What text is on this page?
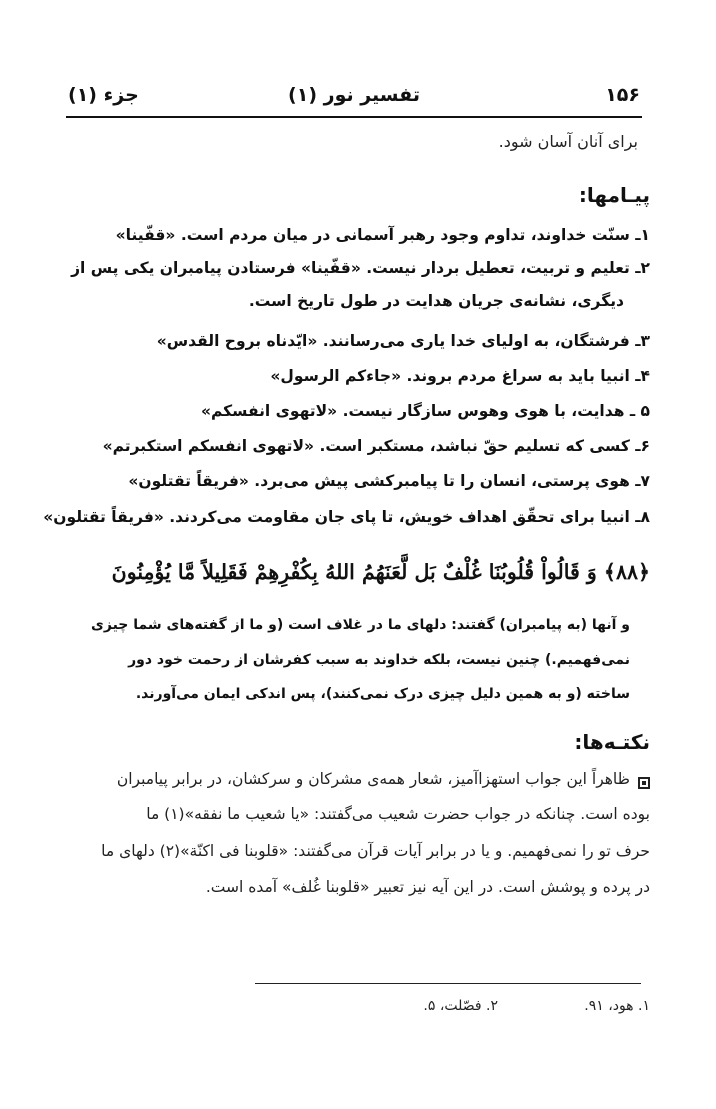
۱۵۶
تفسیر نور (۱)
جزء (۱)
برای آنان آسان شود.
پیـامها:
۱ـ سنّت خداوند، تداوم وجود رهبر آسمانی در میان مردم است. «قفّینا»
۲ـ تعلیم و تربیت، تعطیل بردار نیست. «قفّینا» فرستادن پیامبران یکی پس از
دیگری، نشانه‌ی جریان هدایت در طول تاریخ است.
۳ـ فرشتگان، به اولیای خدا یاری می‌رسانند. «ایّدناه بروح القدس»
۴ـ انبیا باید به سراغ مردم بروند. «جاءکم الرسول»
۵ ـ هدایت، با هوی وهوس سازگار نیست. «لاتهوی انفسکم»
۶ـ کسی که تسلیم حقّ نباشد، مستکبر است. «لاتهوی انفسکم استکبرتم»
۷ـ هوی پرستی، انسان را تا پیامبرکشی پیش می‌برد. «فریقاً تقتلون»
۸ـ انبیا برای تحقّق اهداف خویش، تا پای جان مقاومت می‌کردند. «فریقاً تقتلون»
﴿۸۸﴾ وَ قَالُواْ قُلُوبُنَا غُلْفٌ بَل لَّعَنَهُمُ اللهُ بِكُفْرِهِمْ فَقَلِيلاً مَّا يُؤْمِنُونَ
و آنها (به پیامبران) گفتند: دلهای ما در غلاف است (و ما از گفته‌های شما چیزی
نمی‌فهمیم.) چنین نیست، بلکه خداوند به سبب کفرشان از رحمت خود دور
ساخته (و به همین دلیل چیزی درک نمی‌کنند)، پس اندکی ایمان می‌آورند.
نکتـه‌ها:
ظاهراً این جواب استهزاآمیز، شعار همه‌ی مشرکان و سرکشان، در برابر پیامبران
بوده است. چنانکه در جواب حضرت شعیب می‌گفتند: «یا شعیب ما نفقه»(۱) ما
حرف تو را نمی‌فهمیم. و یا در برابر آیات قرآن می‌گفتند: «قلوبنا فی اکنّة»(۲) دلهای ما
در پرده و پوشش است. در این آیه نیز تعبیر «قلوبنا غُلف» آمده است.
۱. هود، ۹۱.
۲. فصّلت، ۵.
